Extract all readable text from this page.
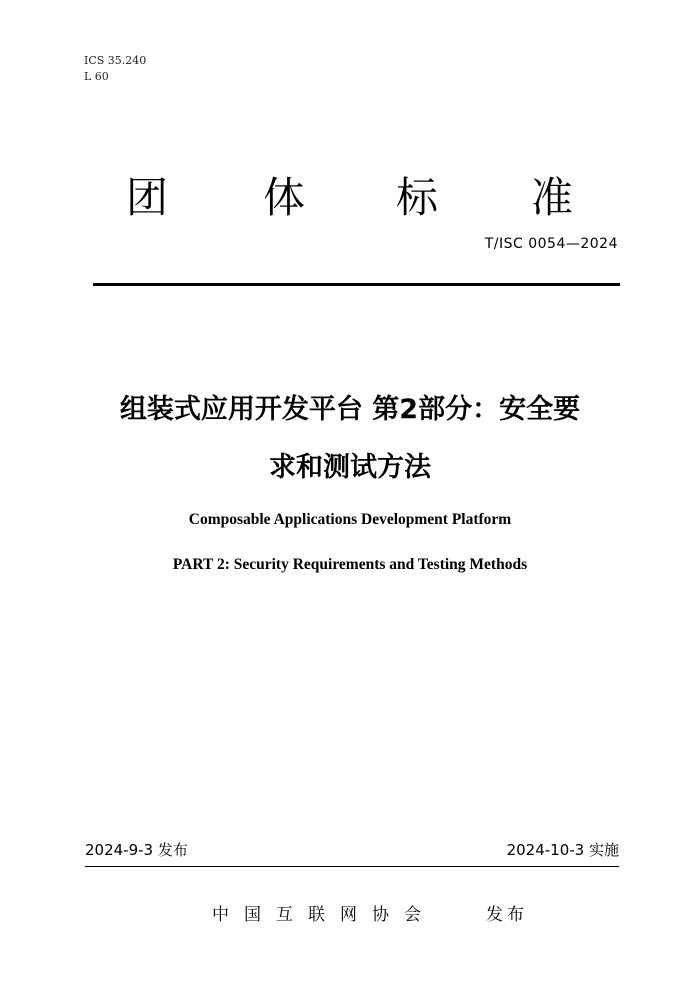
ICS 35.240
L 60
团 体 标 准
T/ISC 0054—2024
组装式应用开发平台 第2部分：安全要
求和测试方法
Composable Applications Development Platform
PART 2: Security Requirements and Testing Methods
2024-9-3 发布	2024-10-3 实施
中国互联网协会	发布
